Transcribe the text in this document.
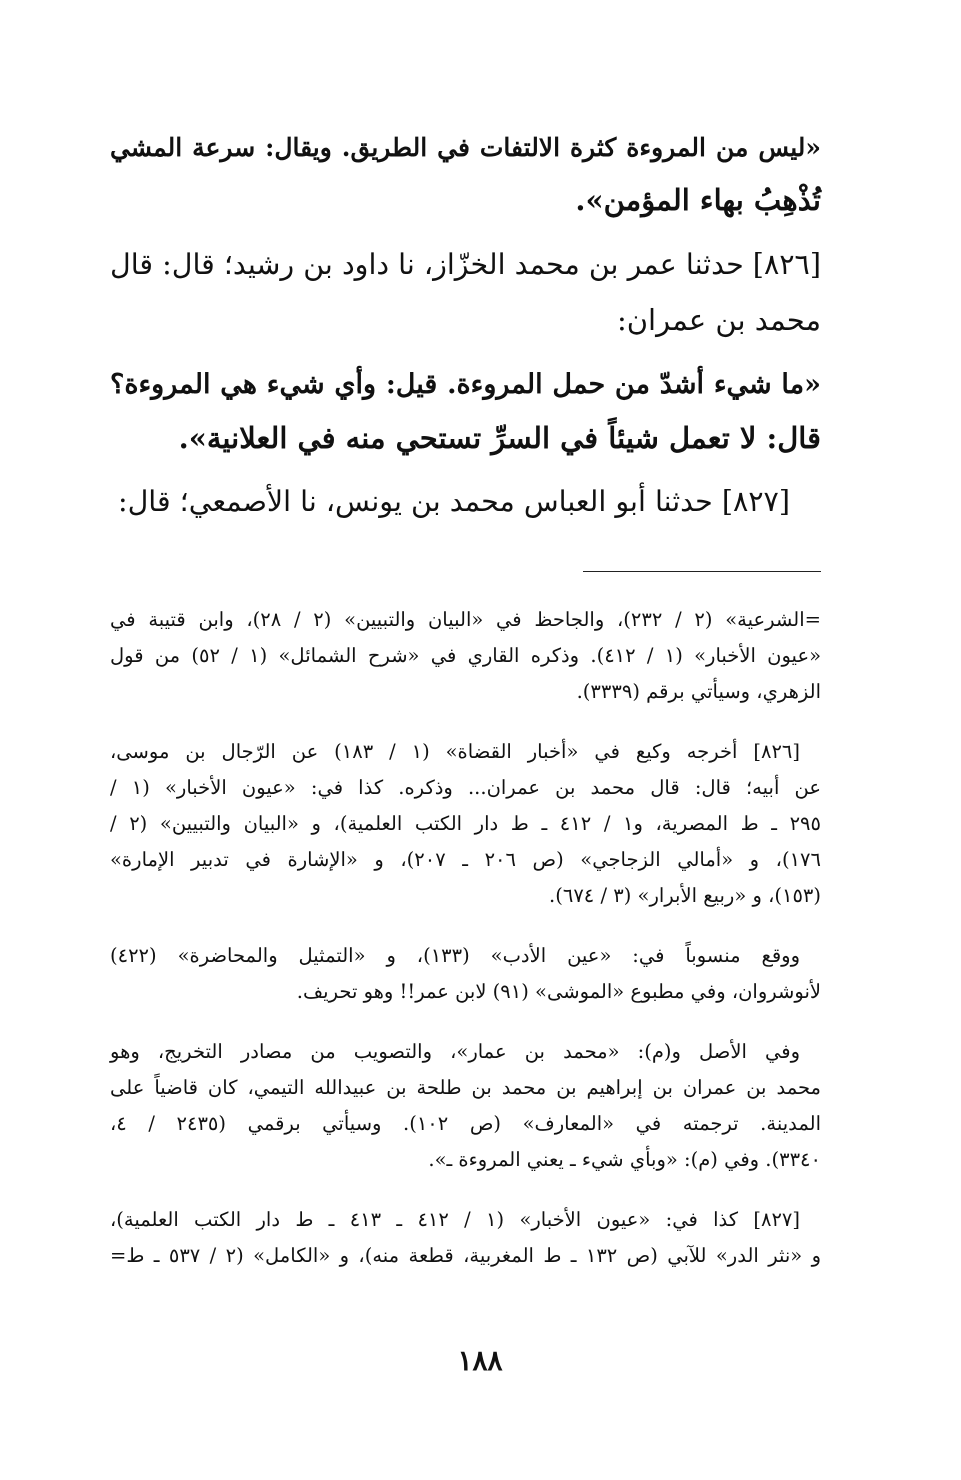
«ليس من المروءة كثرة الالتفات في الطريق. ويقال: سرعة المشي
تُذْهِبُ بهاء المؤمن».
[٨٢٦] حدثنا عمر بن محمد الخزّاز، نا داود بن رشيد؛ قال: قال
محمد بن عمران:
«ما شيء أشدّ من حمل المروءة. قيل: وأي شيء هي المروءة؟
قال: لا تعمل شيئاً في السرِّ تستحي منه في العلانية».
[٨٢٧] حدثنا أبو العباس محمد بن يونس، نا الأصمعي؛ قال:
=الشرعية» (٢ / ٢٣٢)، والجاحظ في «البيان والتبيين» (٢ / ٢٨)، وابن قتيبة في
«عيون الأخبار» (١ / ٤١٢). وذكره القاري في «شرح الشمائل» (١ / ٥٢) من قول
الزهري، وسيأتي برقم (٣٣٣٩).
[٨٢٦] أخرجه وكيع في «أخبار القضاة» (١ / ١٨٣) عن الرّجال بن موسى،
عن أبيه؛ قال: قال محمد بن عمران... وذكره. كذا في: «عيون الأخبار» (١ /
٢٩٥ ـ ط المصرية، و١ / ٤١٢ ـ ط دار الكتب العلمية)، و «البيان والتبيين» (٢ /
١٧٦)، و «أمالي الزجاجي» (ص ٢٠٦ ـ ٢٠٧)، و «الإشارة في تدبير الإمارة»
(١٥٣)، و «ربيع الأبرار» (٣ / ٦٧٤).
ووقع منسوباً في: «عين الأدب» (١٣٣)، و «التمثيل والمحاضرة» (٤٢٢)
لأنوشروان، وفي مطبوع «الموشى» (٩١) لابن عمر!! وهو تحريف.
وفي الأصل و(م): «محمد بن عمار»، والتصويب من مصادر التخريج، وهو
محمد بن عمران بن إبراهيم بن محمد بن طلحة بن عبيدالله التيمي، كان قاضياً على
المدينة. ترجمته في «المعارف» (ص ١٠٢). وسيأتي برقمي (٢٤٣٥ / ٤،
٣٣٤٠). وفي (م): «وبأي شيء ـ يعني المروءة ـ».
[٨٢٧] كذا في: «عيون الأخبار» (١ / ٤١٢ ـ ٤١٣ ـ ط دار الكتب العلمية)،
و «نثر الدر» للآبي (ص ١٣٢ ـ ط المغربية، قطعة منه)، و «الكامل» (٢ / ٥٣٧ ـ ط=
١٨٨
